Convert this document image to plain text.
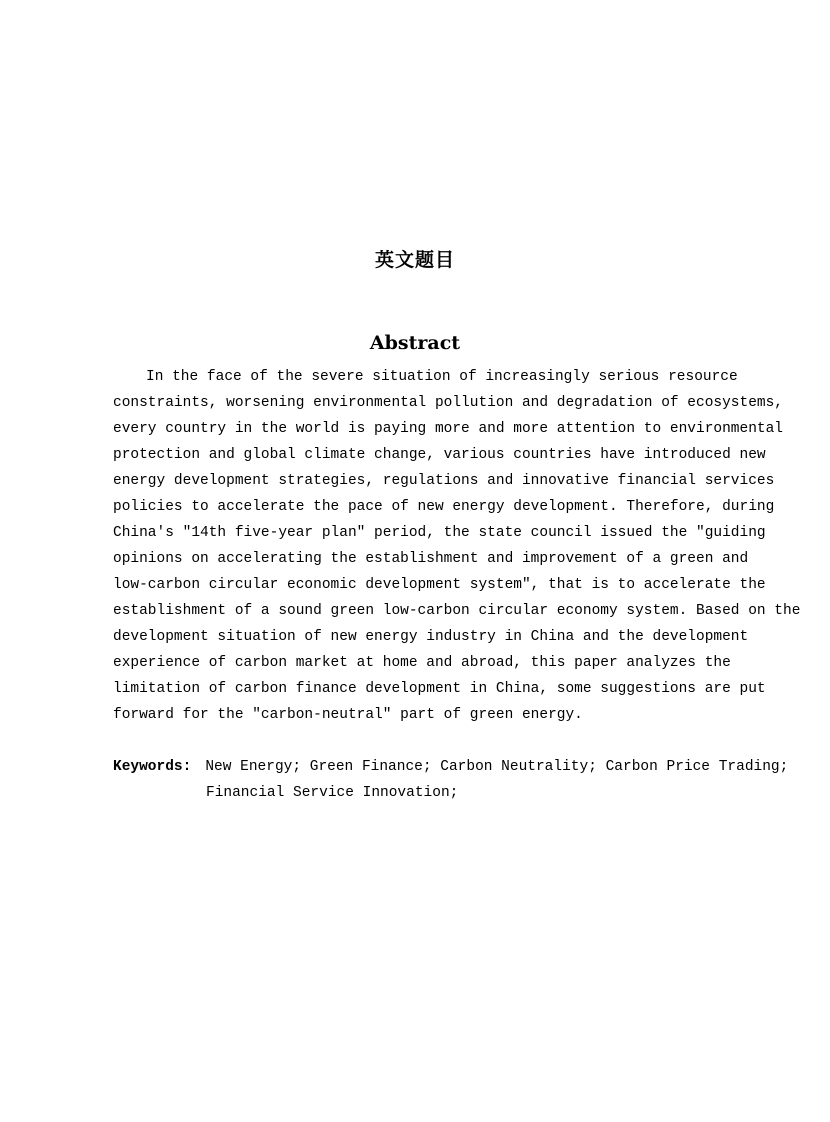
英文题目
Abstract
In the face of the severe situation of increasingly serious resource
constraints, worsening environmental pollution and degradation of ecosystems,
every country in the world is paying more and more attention to environmental
protection and global climate change, various countries have introduced new
energy development strategies, regulations and innovative financial services
policies to accelerate the pace of new energy development. Therefore, during
China's "14th five-year plan" period, the state council issued the "guiding
opinions on accelerating the establishment and improvement of a green and
low-carbon circular economic development system", that is to accelerate the
establishment of a sound green low-carbon circular economy system. Based on the
development situation of new energy industry in China and the development
experience of carbon market at home and abroad, this paper analyzes the
limitation of carbon finance development in China, some suggestions are put
forward for the "carbon-neutral" part of green energy.
Keywords: New Energy; Green Finance; Carbon Neutrality; Carbon Price Trading;
Financial Service Innovation;
